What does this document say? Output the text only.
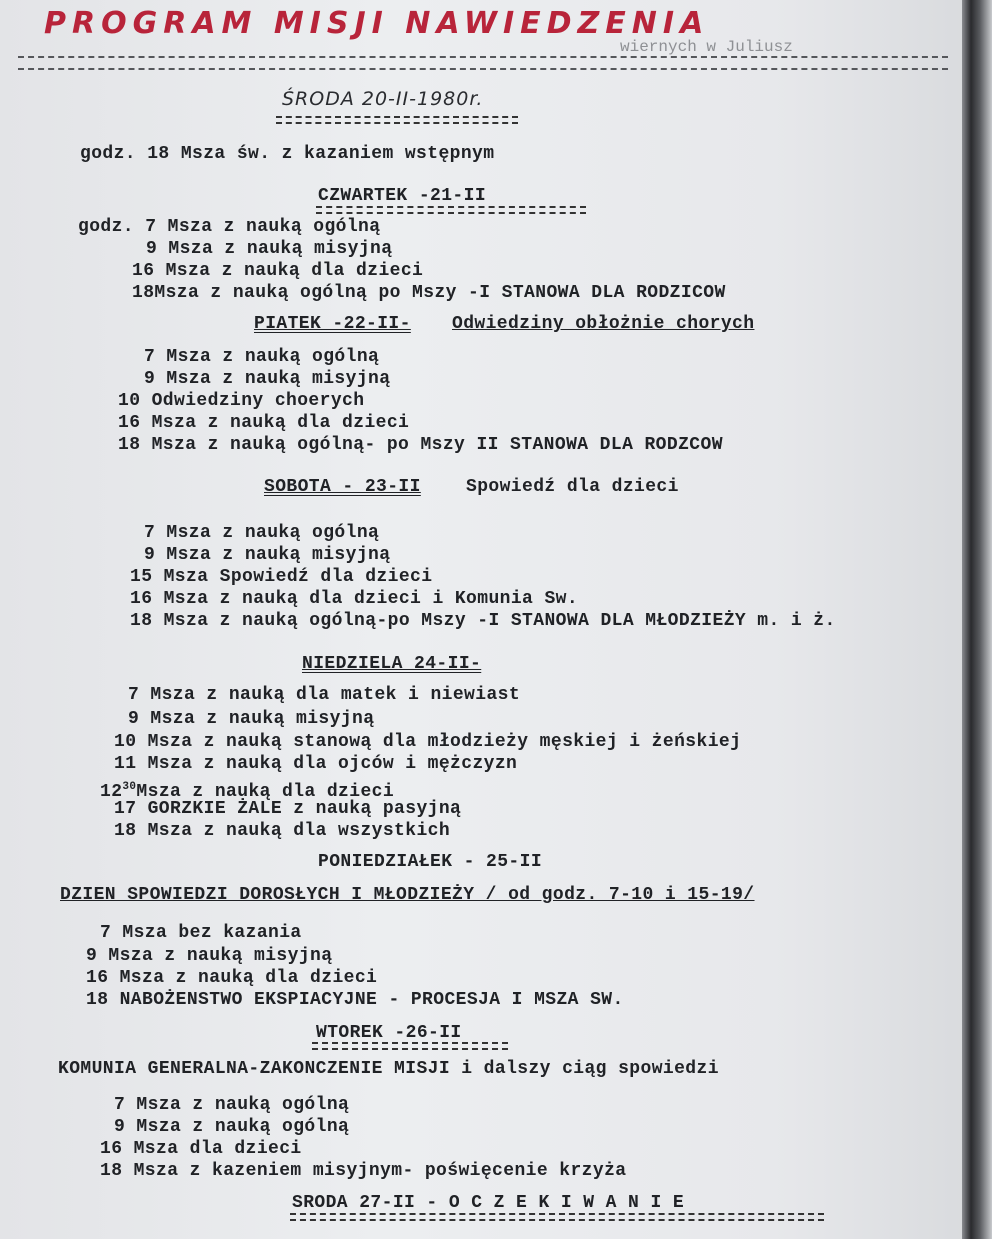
PROGRAM MISJI NAWIEDZENIA
wiernych w Juliusz
ŚRODA 20-II-1980r.
godz. 18 Msza św. z kazaniem wstępnym
CZWARTEK -21-II
godz. 7 Msza z nauką ogólną
9 Msza z nauką misyjną
16 Msza z nauką dla dzieci
18Msza z nauką ogólną po Mszy -I STANOWA DLA RODZICOW
PIATEK -22-II- Odwiedziny obłożnie chorych
7 Msza z nauką ogólną
9 Msza z nauką misyjną
10 Odwiedziny choerych
16 Msza z nauką dla dzieci
18 Msza z nauką ogólną- po Mszy II STANOWA DLA RODZCOW
SOBOTA - 23-II	Spowiedź dla dzieci
7 Msza z nauką ogólną
9 Msza z nauką misyjną
15 Msza Spowiedź dla dzieci
16 Msza z nauką dla dzieci i Komunia Sw.
18 Msza z nauką ogólną-po Mszy -I STANOWA DLA MŁODZIEŻY m. i ż.
NIEDZIELA 24-II-
7 Msza z nauką dla matek i niewiast
9 Msza z nauką misyjną
10 Msza z nauką stanową dla młodzieży męskiej i żeńskiej
11 Msza z nauką dla ojców i mężczyzn
$12^{30}Msza$ z nauką dla dzieci
17 GORZKIE ŻALE z nauką pasyjną
18 Msza z nauką dla wszystkich
PONIEDZIAŁEK - 25-II
DZIEN SPOWIEDZI DOROSŁYCH I MŁODZIEŻY / od godz. 7-10 i 15-19/
7 Msza bez kazania
9 Msza z nauką misyjną
16 Msza z nauką dla dzieci
18 NABOŻENSTWO EKSPIACYJNE - PROCESJA I MSZA SW.
WTOREK -26-II
KOMUNIA GENERALNA-ZAKONCZENIE MISJI i dalszy ciąg spowiedzi
7 Msza z nauką ogólną
9 Msza z nauką ogólną
16 Msza dla dzieci
18 Msza z kazeniem misyjnym- poświęcenie krzyża
SRODA 27-II - O C Z E K I W A N I E
